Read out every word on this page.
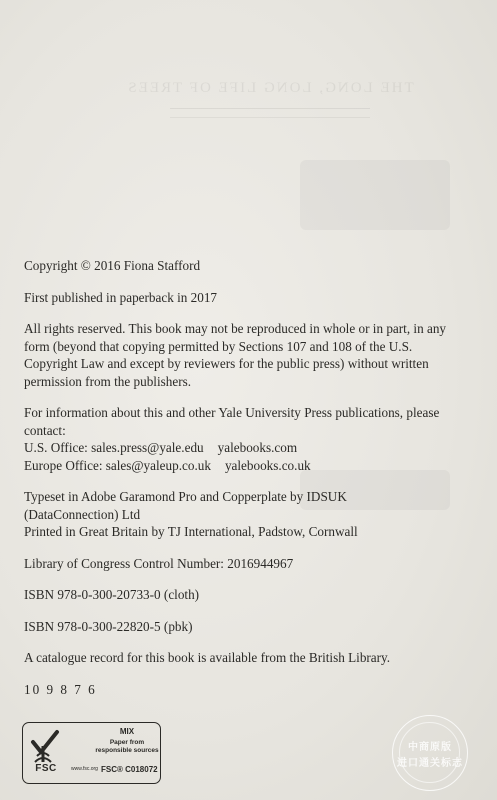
THE LONG, LONG LIFE OF TREES

Copyright © 2016 Fiona Stafford

First published in paperback in 2017

All rights reserved. This book may not be reproduced in whole or in part, in any
form (beyond that copying permitted by Sections 107 and 108 of the U.S.
Copyright Law and except by reviewers for the public press) without written
permission from the publishers.

For information about this and other Yale University Press publications, please
contact:
U.S. Office: sales.press@yale.edu yalebooks.com
Europe Office: sales@yaleup.co.uk yalebooks.co.uk

Typeset in Adobe Garamond Pro and Copperplate by IDSUK
(DataConnection) Ltd
Printed in Great Britain by TJ International, Padstow, Cornwall

Library of Congress Control Number: 2016944967

ISBN 978-0-300-20733-0 (cloth)

ISBN 978-0-300-22820-5 (pbk)

A catalogue record for this book is available from the British Library.

10 9 8 7 6

FSC	www.fsc.org
MIX
Paper from
responsible sources
FSC® C018072
中商原版
进口通关标志
